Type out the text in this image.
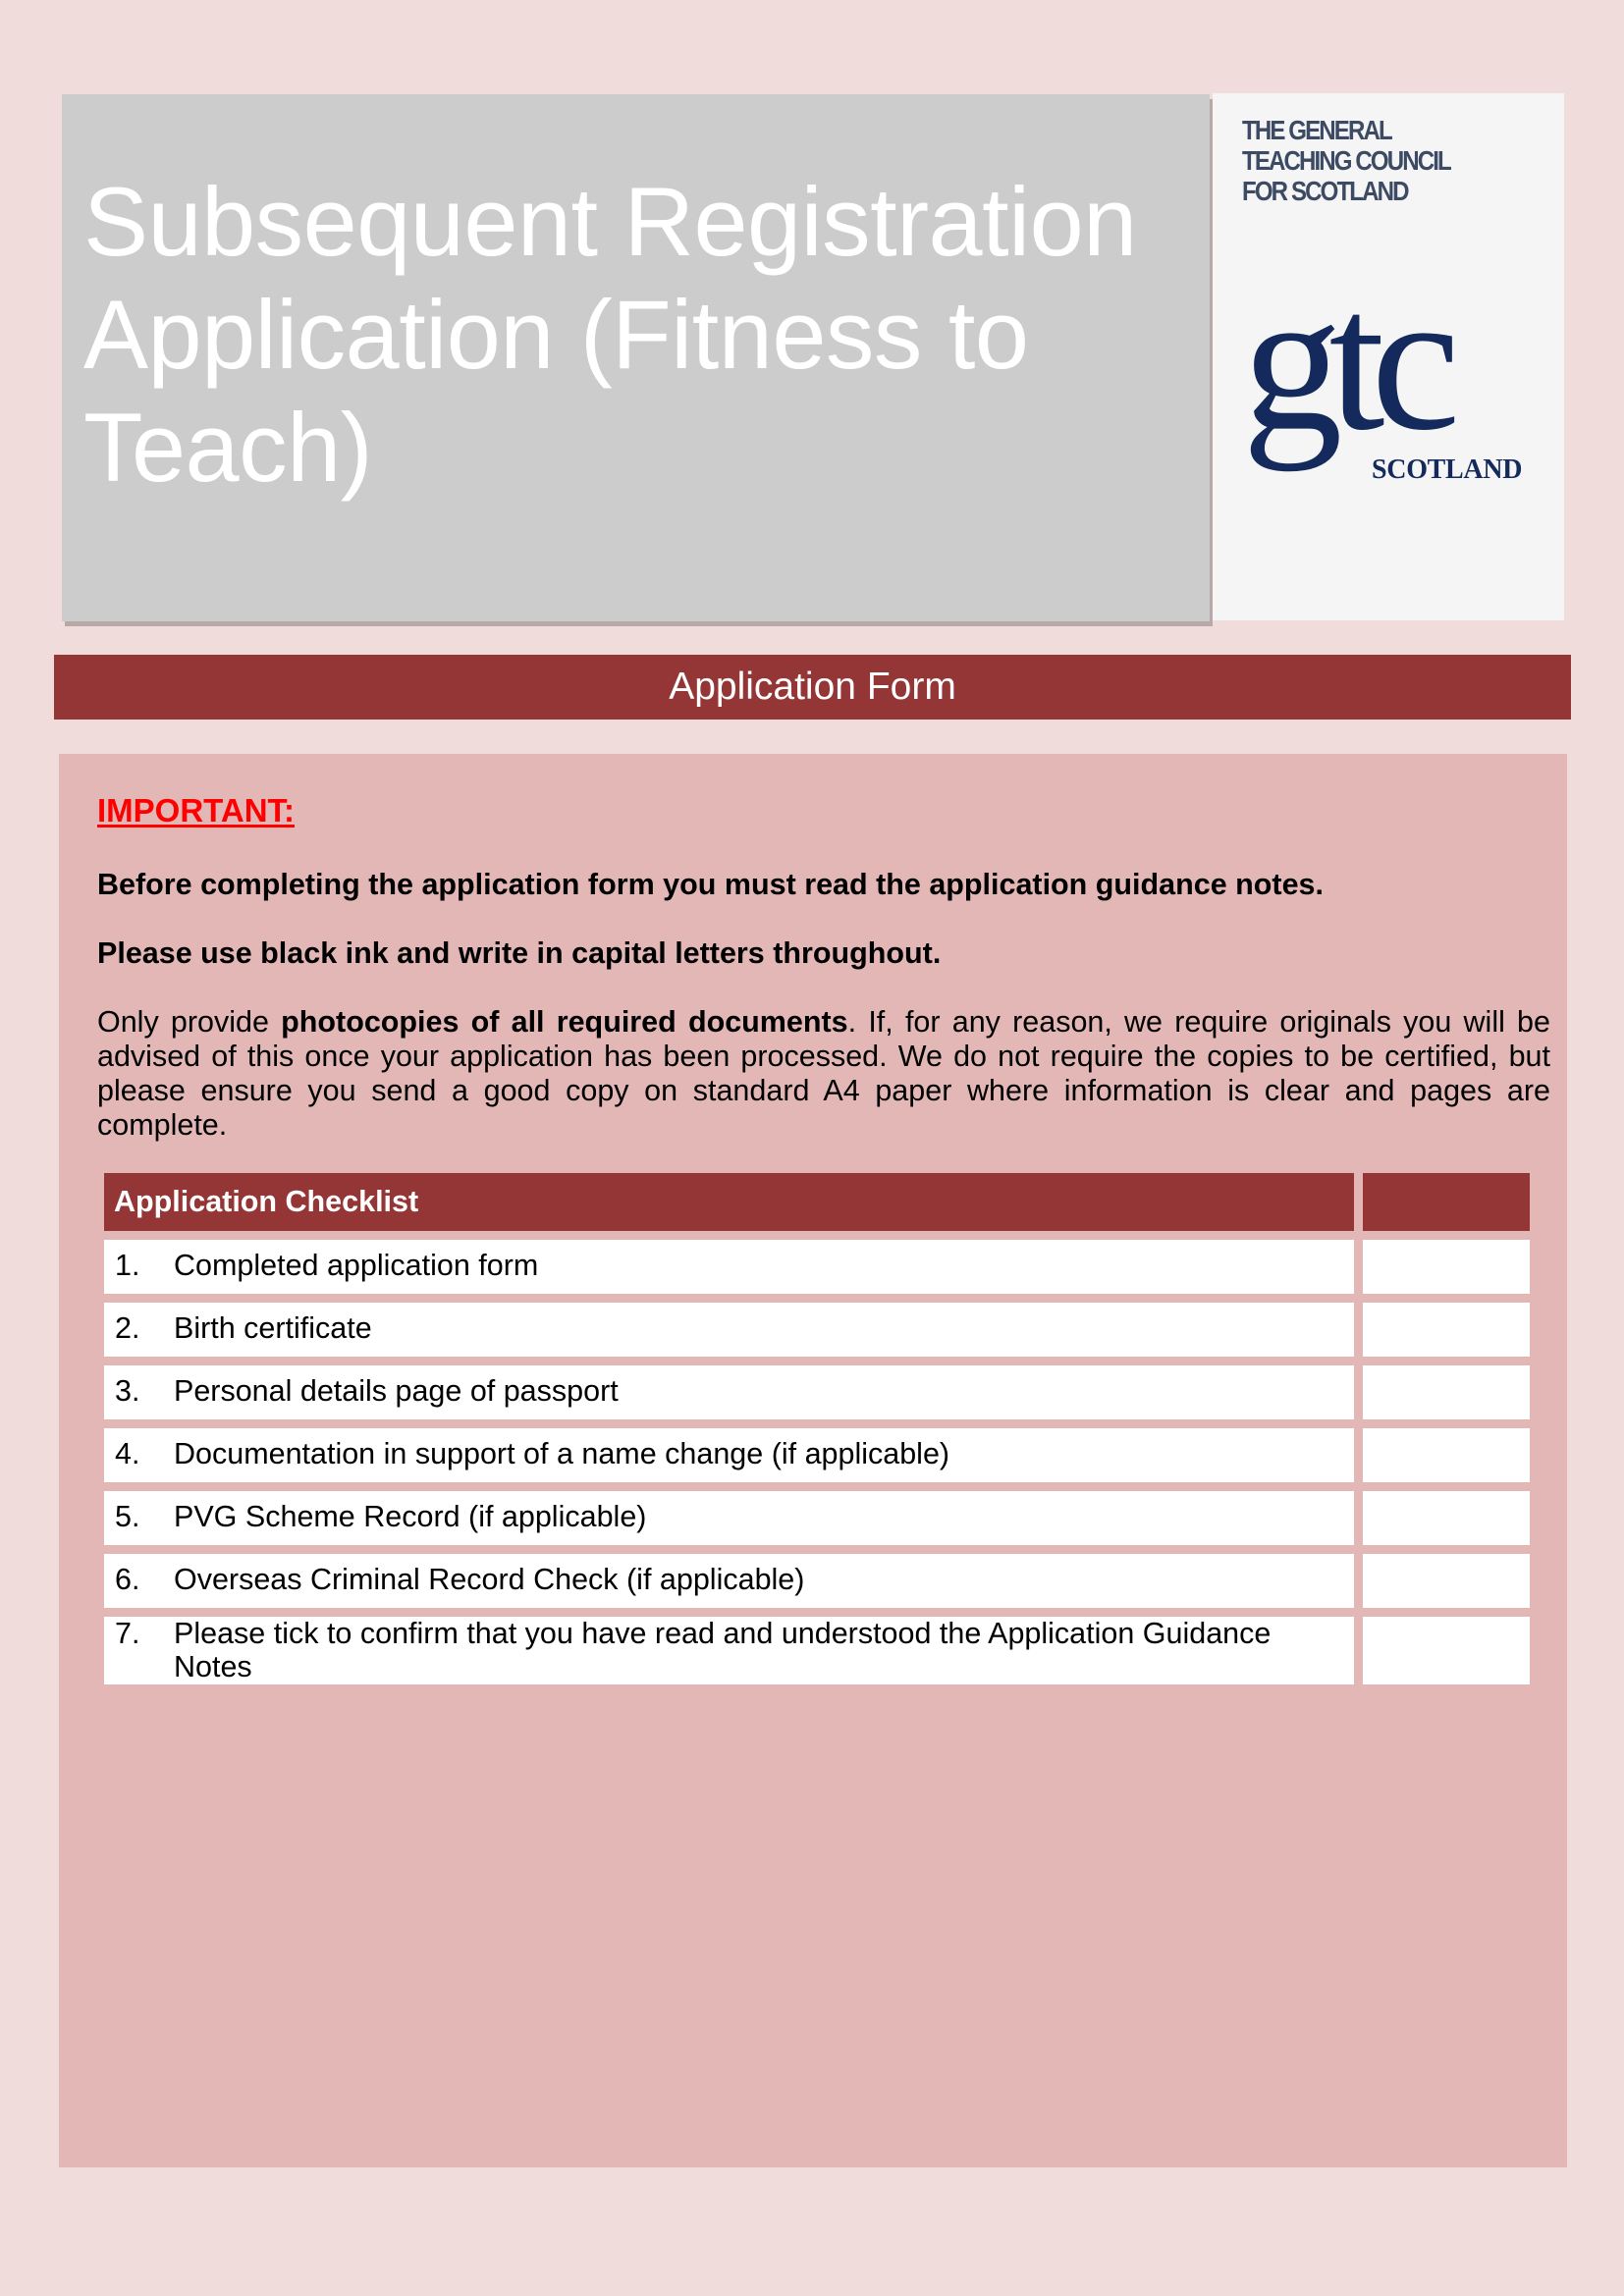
Subsequent Registration
Application (Fitness to
Teach)
THE GENERAL
TEACHING COUNCIL
FOR SCOTLAND
gtc
SCOTLAND
Application Form
IMPORTANT:

Before completing the application form you must read the application guidance notes.

Please use black ink and write in capital letters throughout.

Only provide photocopies of all required documents. If, for any reason, we require originals you will be advised of this once your application has been processed. We do not require the copies to be certified, but please ensure you send a good copy on standard A4 paper where information is clear and pages are complete.

Application Checklist
1. Completed application form
2. Birth certificate
3. Personal details page of passport
4. Documentation in support of a name change (if applicable)
5. PVG Scheme Record (if applicable)
6. Overseas Criminal Record Check (if applicable)
7. Please tick to confirm that you have read and understood the Application Guidance Notes
